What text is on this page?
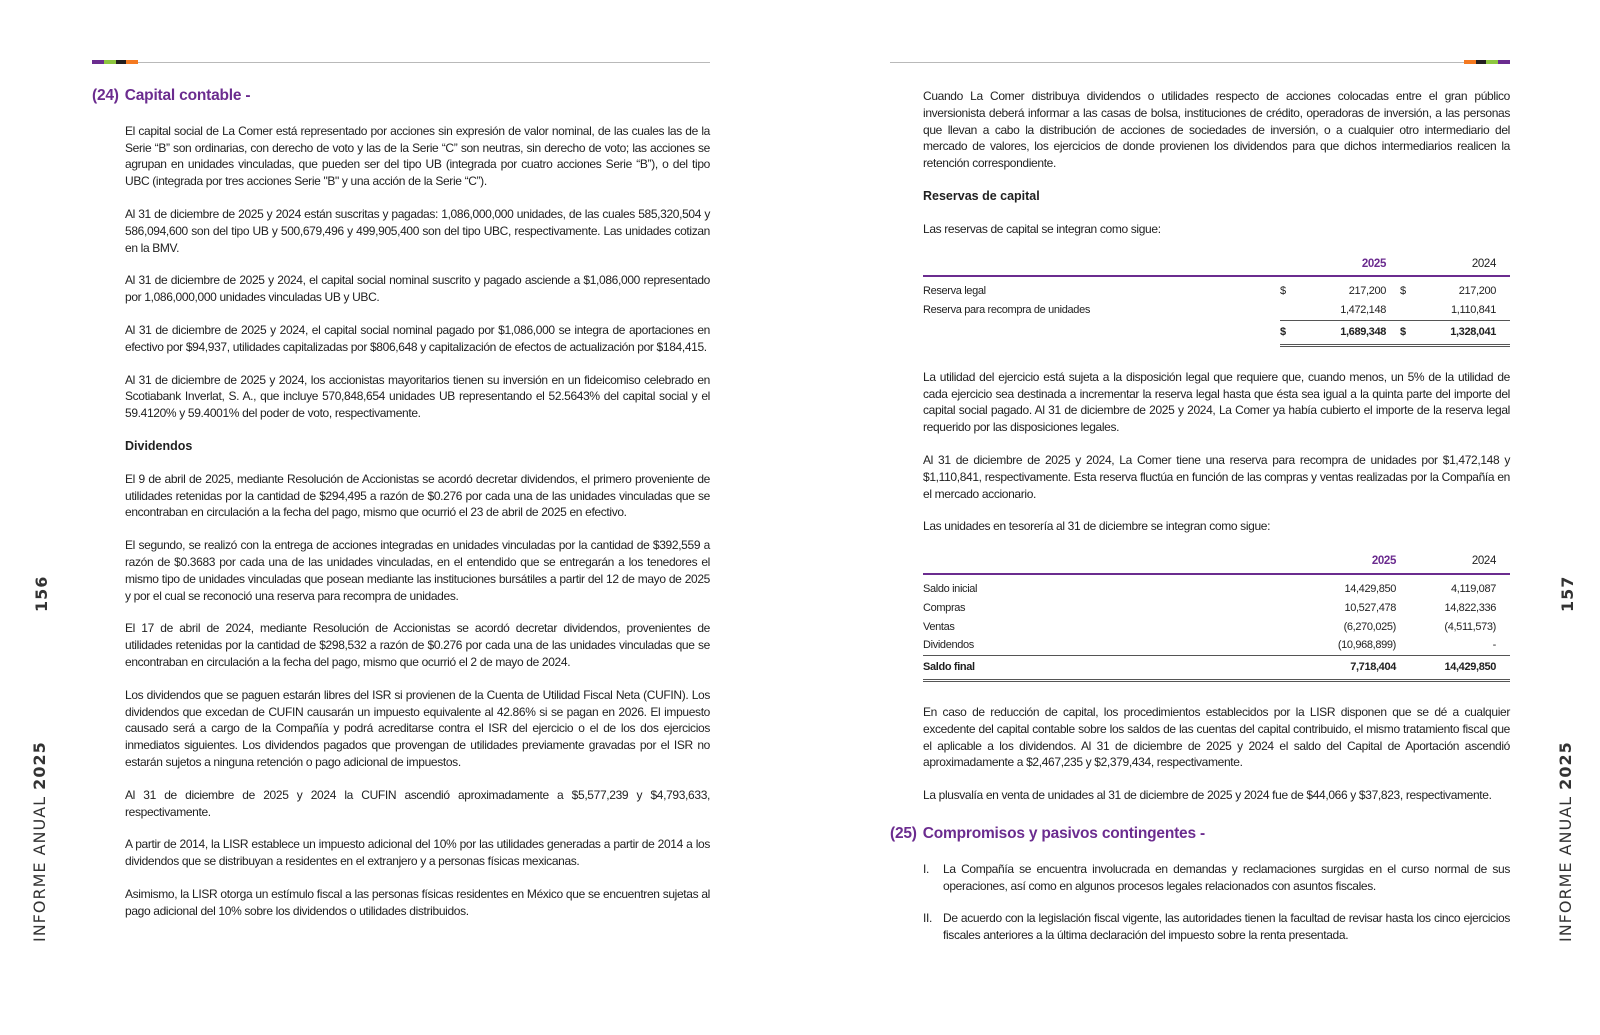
156
INFORME ANUAL 2025
(24) Capital contable -

El capital social de La Comer está representado por acciones sin expresión de valor nominal, de las cuales las de la Serie “B” son ordinarias, con derecho de voto y las de la Serie “C” son neutras, sin derecho de voto; las acciones se agrupan en unidades vinculadas, que pueden ser del tipo UB (integrada por cuatro acciones Serie “B”), o del tipo UBC (integrada por tres acciones Serie "B" y una acción de la Serie “C”).

Al 31 de diciembre de 2025 y 2024 están suscritas y pagadas: 1,086,000,000 unidades, de las cuales 585,320,504 y 586,094,600 son del tipo UB y 500,679,496 y 499,905,400 son del tipo UBC, respectivamente. Las unidades cotizan en la BMV.

Al 31 de diciembre de 2025 y 2024, el capital social nominal suscrito y pagado asciende a $1,086,000 representado por 1,086,000,000 unidades vinculadas UB y UBC.

Al 31 de diciembre de 2025 y 2024, el capital social nominal pagado por $1,086,000 se integra de aportaciones en efectivo por $94,937, utilidades capitalizadas por $806,648 y capitalización de efectos de actualización por $184,415.

Al 31 de diciembre de 2025 y 2024, los accionistas mayoritarios tienen su inversión en un fideicomiso celebrado en Scotiabank Inverlat, S. A., que incluye 570,848,654 unidades UB representando el 52.5643% del capital social y el 59.4120% y 59.4001% del poder de voto, respectivamente.

Dividendos

El 9 de abril de 2025, mediante Resolución de Accionistas se acordó decretar dividendos, el primero proveniente de utilidades retenidas por la cantidad de $294,495 a razón de $0.276 por cada una de las unidades vinculadas que se encontraban en circulación a la fecha del pago, mismo que ocurrió el 23 de abril de 2025 en efectivo.

El segundo, se realizó con la entrega de acciones integradas en unidades vinculadas por la cantidad de $392,559 a razón de $0.3683 por cada una de las unidades vinculadas, en el entendido que se entregarán a los tenedores el mismo tipo de unidades vinculadas que posean mediante las instituciones bursátiles a partir del 12 de mayo de 2025 y por el cual se reconoció una reserva para recompra de unidades.

El 17 de abril de 2024, mediante Resolución de Accionistas se acordó decretar dividendos, provenientes de utilidades retenidas por la cantidad de $298,532 a razón de $0.276 por cada una de las unidades vinculadas que se encontraban en circulación a la fecha del pago, mismo que ocurrió el 2 de mayo de 2024.

Los dividendos que se paguen estarán libres del ISR si provienen de la Cuenta de Utilidad Fiscal Neta (CUFIN). Los dividendos que excedan de CUFIN causarán un impuesto equivalente al 42.86% si se pagan en 2026. El impuesto causado será a cargo de la Compañía y podrá acreditarse contra el ISR del ejercicio o el de los dos ejercicios inmediatos siguientes. Los dividendos pagados que provengan de utilidades previamente gravadas por el ISR no estarán sujetos a ninguna retención o pago adicional de impuestos.

Al 31 de diciembre de 2025 y 2024 la CUFIN ascendió aproximadamente a $5,577,239 y $4,793,633, respectivamente.

A partir de 2014, la LISR establece un impuesto adicional del 10% por las utilidades generadas a partir de 2014 a los dividendos que se distribuyan a residentes en el extranjero y a personas físicas mexicanas.

Asimismo, la LISR otorga un estímulo fiscal a las personas físicas residentes en México que se encuentren sujetas al pago adicional del 10% sobre los dividendos o utilidades distribuidos.

157
INFORME ANUAL 2025

Cuando La Comer distribuya dividendos o utilidades respecto de acciones colocadas entre el gran público inversionista deberá informar a las casas de bolsa, instituciones de crédito, operadoras de inversión, a las personas que llevan a cabo la distribución de acciones de sociedades de inversión, o a cualquier otro intermediario del mercado de valores, los ejercicios de donde provienen los dividendos para que dichos intermediarios realicen la retención correspondiente.

Reservas de capital

Las reservas de capital se integran como sigue:

		2025		2024
Reserva legal	$	217,200	$	217,200
Reserva para recompra de unidades		1,472,148		1,110,841
	$	1,689,348	$	1,328,041

La utilidad del ejercicio está sujeta a la disposición legal que requiere que, cuando menos, un 5% de la utilidad de cada ejercicio sea destinada a incrementar la reserva legal hasta que ésta sea igual a la quinta parte del importe del capital social pagado. Al 31 de diciembre de 2025 y 2024, La Comer ya había cubierto el importe de la reserva legal requerido por las disposiciones legales.

Al 31 de diciembre de 2025 y 2024, La Comer tiene una reserva para recompra de unidades por $1,472,148 y $1,110,841, respectivamente. Esta reserva fluctúa en función de las compras y ventas realizadas por la Compañía en el mercado accionario.

Las unidades en tesorería al 31 de diciembre se integran como sigue:

	2025	2024
Saldo inicial	14,429,850	4,119,087
Compras	10,527,478	14,822,336
Ventas	(6,270,025)	(4,511,573)
Dividendos	(10,968,899)	-
Saldo final	7,718,404	14,429,850

En caso de reducción de capital, los procedimientos establecidos por la LISR disponen que se dé a cualquier excedente del capital contable sobre los saldos de las cuentas del capital contribuido, el mismo tratamiento fiscal que el aplicable a los dividendos. Al 31 de diciembre de 2025 y 2024 el saldo del Capital de Aportación ascendió aproximadamente a $2,467,235 y $2,379,434, respectivamente.

La plusvalía en venta de unidades al 31 de diciembre de 2025 y 2024 fue de $44,066 y $37,823, respectivamente.

(25) Compromisos y pasivos contingentes -
I.	La Compañía se encuentra involucrada en demandas y reclamaciones surgidas en el curso normal de sus operaciones, así como en algunos procesos legales relacionados con asuntos fiscales.
II. De acuerdo con la legislación fiscal vigente, las autoridades tienen la facultad de revisar hasta los cinco ejercicios fiscales anteriores a la última declaración del impuesto sobre la renta presentada.
